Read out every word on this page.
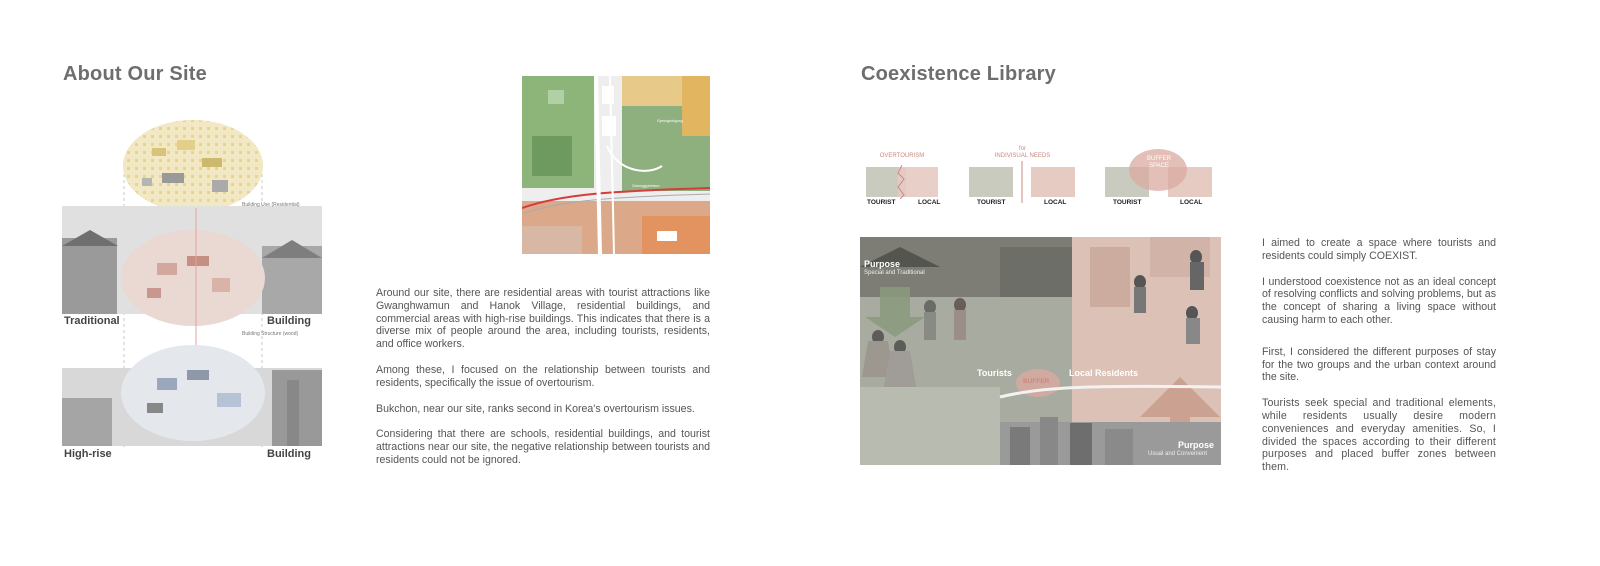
About Our Site
Building Use (Residential)
Building Structure (wood)
Traditional	Building
High-rise	Building
Cheonggyecheon
Gyeongbokgung

Around our site, there are residential areas with tourist attractions like Gwanghwamun and Hanok Village, residential buildings, and commercial areas with high-rise buildings. This indicates that there is a diverse mix of people around the area, including tourists, residents, and office workers.

Among these, I focused on the relationship between tourists and residents, specifically the issue of overtourism.

Bukchon, near our site, ranks second in Korea's overtourism issues.

Considering that there are schools, residential buildings, and tourist attractions near our site, the negative relationship between tourists and residents could not be ignored.

Coexistence Library
OVERTOURISM
TOURIST	LOCAL
for
INDIVISUAL NEEDS
TOURIST	LOCAL
BUFFER
SPACE
TOURIST	LOCAL
Purpose
Special and Traditional
Tourists
BUFFER
Local Residents
Purpose
Usual and Convenient

I aimed to create a space where tourists and residents could simply COEXIST.

I understood coexistence not as an ideal concept of resolving conflicts and solving problems, but as the concept of sharing a living space without causing harm to each other.

First, I considered the different purposes of stay for the two groups and the urban context around the site.

Tourists seek special and traditional elements, while residents usually desire modern conveniences and everyday amenities. So, I divided the spaces according to their different purposes and placed buffer zones between them.
